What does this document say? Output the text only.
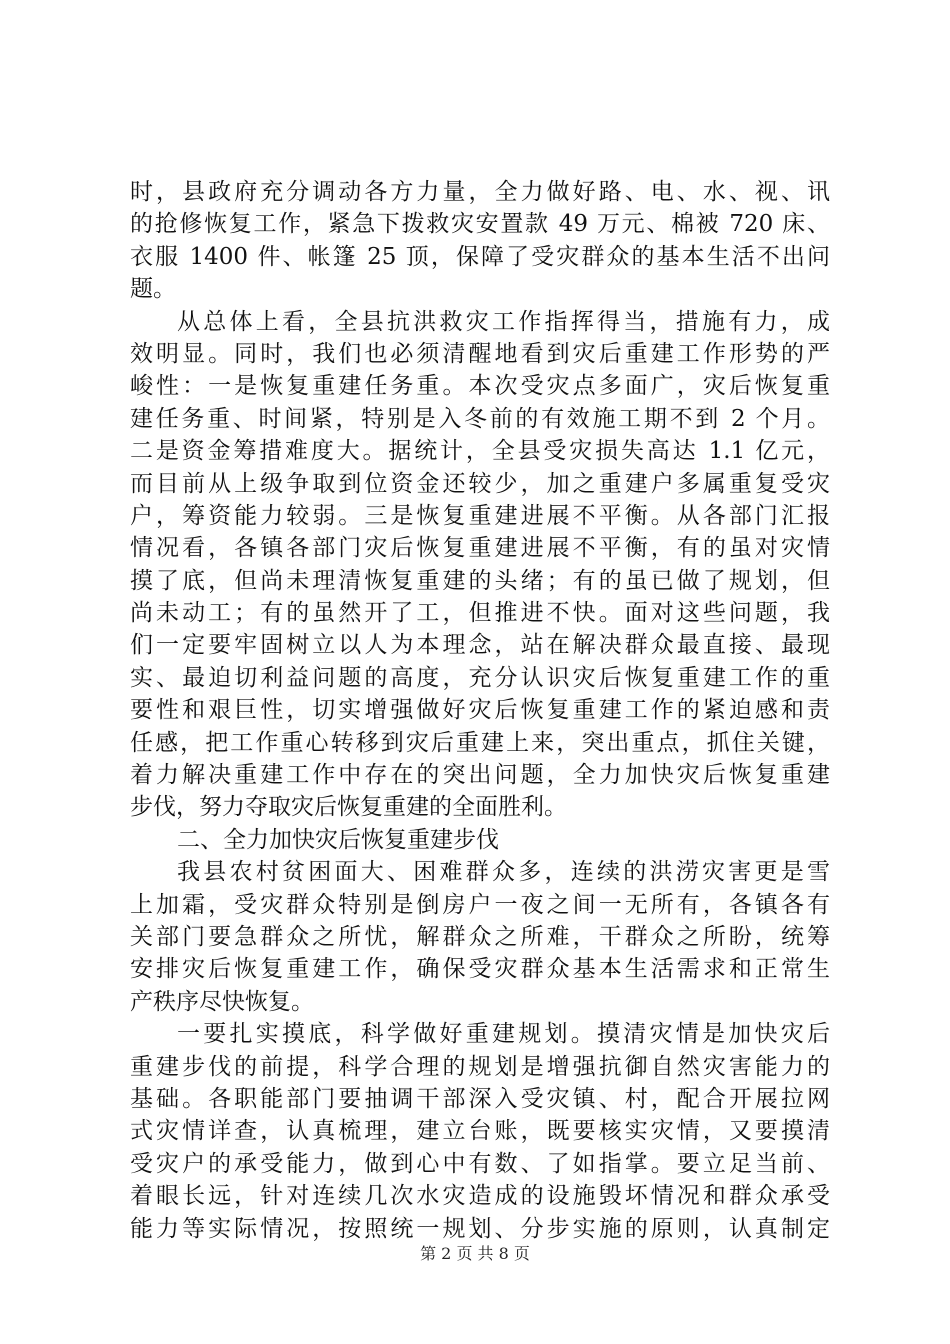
时，县政府充分调动各方力量，全力做好路、电、水、视、讯
的抢修恢复工作，紧急下拨救灾安置款 49 万元、棉被 720 床、
衣服 1400 件、帐篷 25 顶，保障了受灾群众的基本生活不出问
题。
从总体上看，全县抗洪救灾工作指挥得当，措施有力，成
效明显。同时，我们也必须清醒地看到灾后重建工作形势的严
峻性：一是恢复重建任务重。本次受灾点多面广，灾后恢复重
建任务重、时间紧，特别是入冬前的有效施工期不到 2 个月。
二是资金筹措难度大。据统计，全县受灾损失高达 1.1 亿元，
而目前从上级争取到位资金还较少，加之重建户多属重复受灾
户，筹资能力较弱。三是恢复重建进展不平衡。从各部门汇报
情况看，各镇各部门灾后恢复重建进展不平衡，有的虽对灾情
摸了底，但尚未理清恢复重建的头绪；有的虽已做了规划，但
尚未动工；有的虽然开了工，但推进不快。面对这些问题，我
们一定要牢固树立以人为本理念，站在解决群众最直接、最现
实、最迫切利益问题的高度，充分认识灾后恢复重建工作的重
要性和艰巨性，切实增强做好灾后恢复重建工作的紧迫感和责
任感，把工作重心转移到灾后重建上来，突出重点，抓住关键，
着力解决重建工作中存在的突出问题，全力加快灾后恢复重建
步伐，努力夺取灾后恢复重建的全面胜利。
二、全力加快灾后恢复重建步伐
我县农村贫困面大、困难群众多，连续的洪涝灾害更是雪
上加霜，受灾群众特别是倒房户一夜之间一无所有，各镇各有
关部门要急群众之所忧，解群众之所难，干群众之所盼，统筹
安排灾后恢复重建工作，确保受灾群众基本生活需求和正常生
产秩序尽快恢复。
一要扎实摸底，科学做好重建规划。摸清灾情是加快灾后
重建步伐的前提，科学合理的规划是增强抗御自然灾害能力的
基础。各职能部门要抽调干部深入受灾镇、村，配合开展拉网
式灾情详查，认真梳理，建立台账，既要核实灾情，又要摸清
受灾户的承受能力，做到心中有数、了如指掌。要立足当前、
着眼长远，针对连续几次水灾造成的设施毁坏情况和群众承受
能力等实际情况，按照统一规划、分步实施的原则，认真制定
第 2 页 共 8 页
